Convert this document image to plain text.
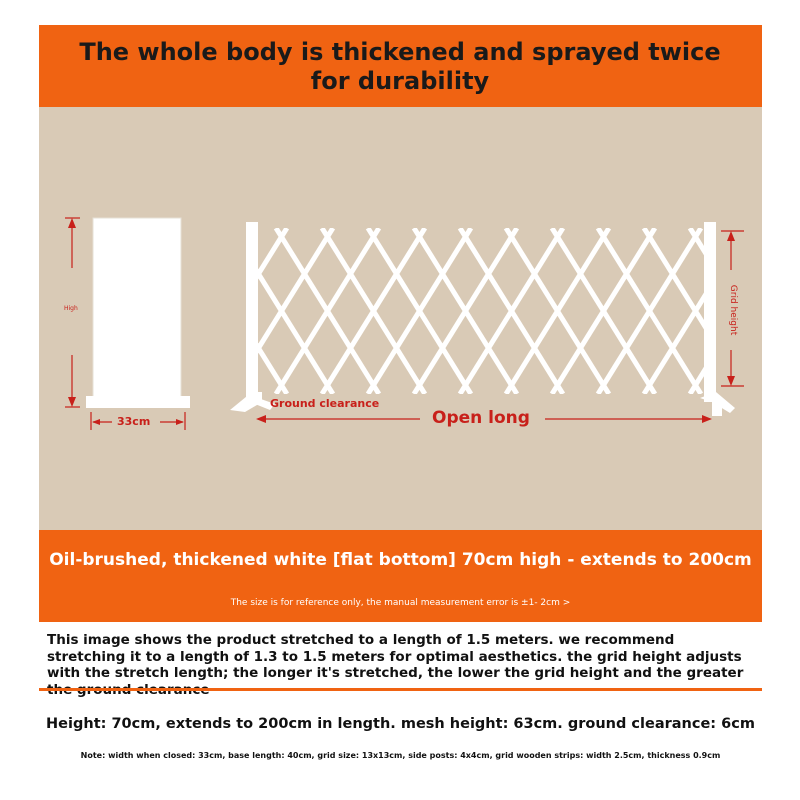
The whole body is thickened and sprayed twice for durability
High
33cm
Ground clearance
Open long
Grid height
Oil-brushed, thickened white [flat bottom] 70cm high - extends to 200cm
The size is for reference only, the manual measurement error is ±1- 2cm >
This image shows the product stretched to a length of 1.5 meters. we recommend stretching it to a length of 1.3 to 1.5 meters for optimal aesthetics. the grid height adjusts with the stretch length; the longer it's stretched, the lower the grid height and the greater
Height: 70cm, extends to 200cm in length. mesh height: 63cm. ground clearance: 6cm
Note: width when closed: 33cm, base length: 40cm, grid size: 13x13cm, side posts: 4x4cm, grid wooden strips: width 2.5cm, thickness 0.9cm
